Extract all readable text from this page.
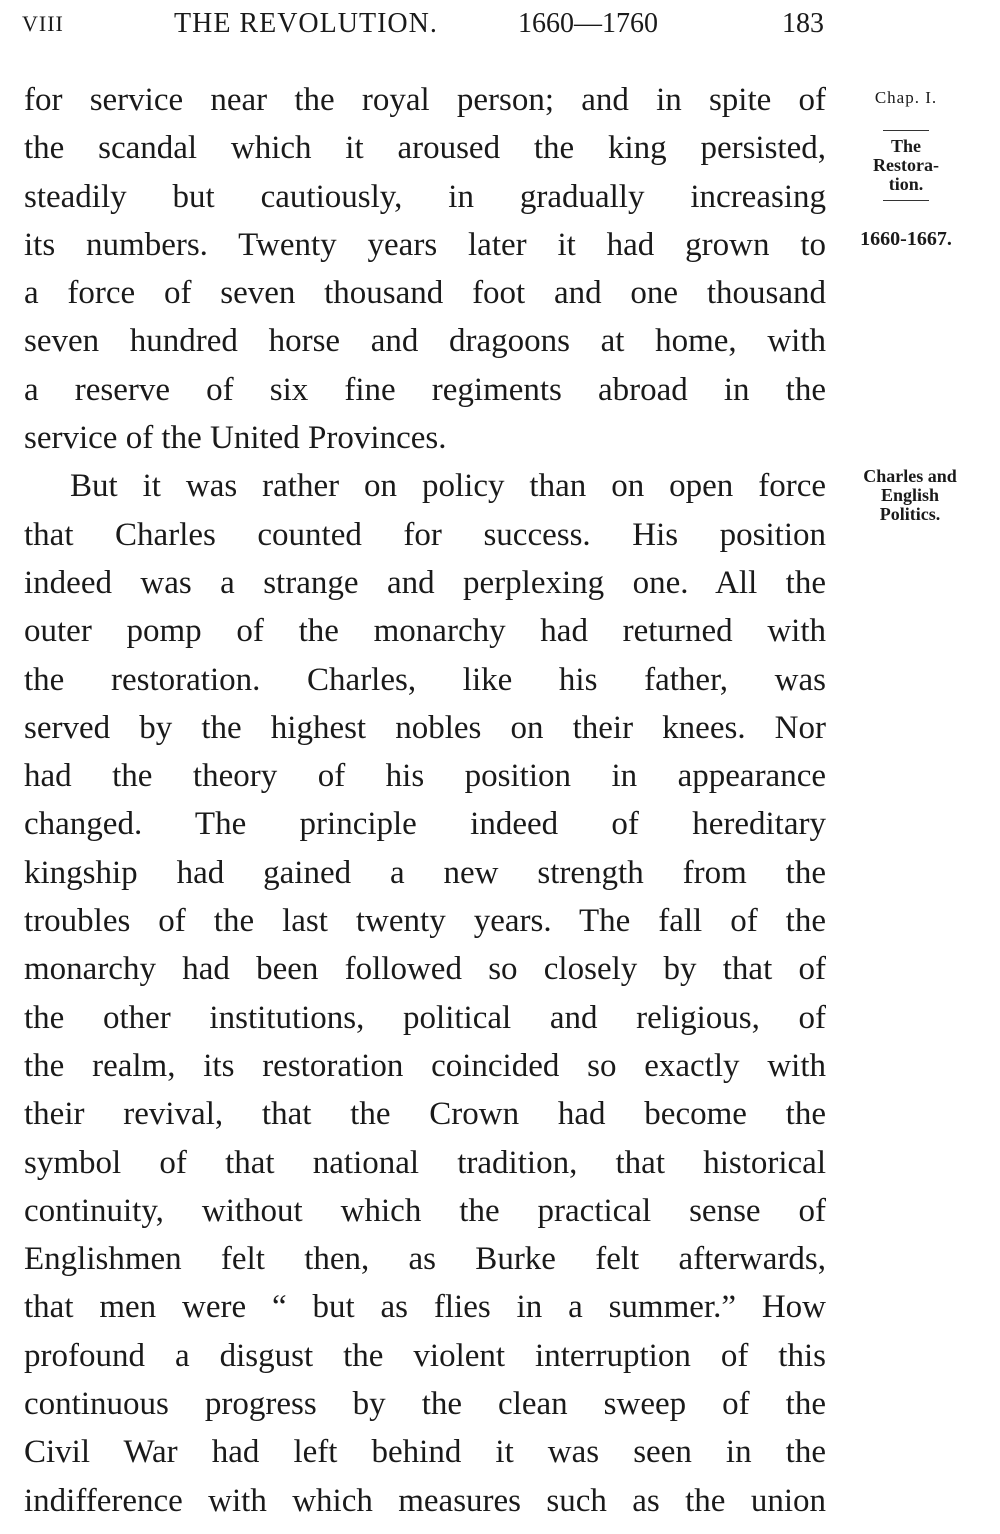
VIII	THE REVOLUTION.	1660—1760	183
for service near the royal person; and in spite of
the scandal which it aroused the king persisted,
steadily but cautiously, in gradually increasing
its numbers. Twenty years later it had grown to
a force of seven thousand foot and one thousand
seven hundred horse and dragoons at home, with
a reserve of six fine regiments abroad in the
service of the United Provinces.
But it was rather on policy than on open force
that Charles counted for success. His position
indeed was a strange and perplexing one. All the
outer pomp of the monarchy had returned with
the restoration. Charles, like his father, was
served by the highest nobles on their knees. Nor
had the theory of his position in appearance
changed. The principle indeed of hereditary
kingship had gained a new strength from the
troubles of the last twenty years. The fall of the
monarchy had been followed so closely by that of
the other institutions, political and religious, of
the realm, its restoration coincided so exactly with
their revival, that the Crown had become the
symbol of that national tradition, that historical
continuity, without which the practical sense of
Englishmen felt then, as Burke felt afterwards,
that men were “ but as flies in a summer.” How
profound a disgust the violent interruption of this
continuous progress by the clean sweep of the
Civil War had left behind it was seen in the
indifference with which measures such as the union
Chap. I.
The
Restora-
tion.
1660-1667.
Charles and
English
Politics.
